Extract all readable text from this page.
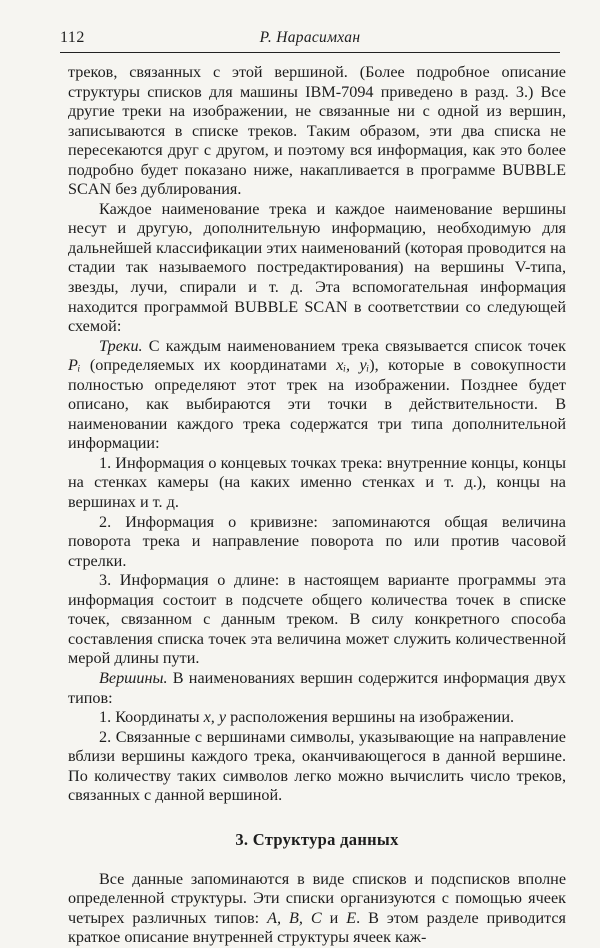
112	Р. Нарасимхан

треков, связанных с этой вершиной. (Более подробное описание структуры списков для машины IBM-7094 приведено в разд. 3.) Все другие треки на изображении, не связанные ни с одной из вершин, записываются в списке треков. Таким образом, эти два списка не пересекаются друг с другом, и поэтому вся информация, как это более подробно будет показано ниже, накапливается в программе BUBBLE SCAN без дублирования.

Каждое наименование трека и каждое наименование вершины несут и другую, дополнительную информацию, необходимую для дальнейшей классификации этих наименований (которая проводится на стадии так называемого постредактирования) на вершины V-типа, звезды, лучи, спирали и т. д. Эта вспомогательная информация находится программой BUBBLE SCAN в соответствии со следующей схемой:

Треки. С каждым наименованием трека связывается список точек Pᵢ (определяемых их координатами xᵢ, yᵢ), которые в совокупности полностью определяют этот трек на изображении. Позднее будет описано, как выбираются эти точки в действительности. В наименовании каждого трека содержатся три типа дополнительной информации:

1. Информация о концевых точках трека: внутренние концы, концы на стенках камеры (на каких именно стенках и т. д.), концы на вершинах и т. д.

2. Информация о кривизне: запоминаются общая величина поворота трека и направление поворота по или против часовой стрелки.

3. Информация о длине: в настоящем варианте программы эта информация состоит в подсчете общего количества точек в списке точек, связанном с данным треком. В силу конкретного способа составления списка точек эта величина может служить количественной мерой длины пути.

Вершины. В наименованиях вершин содержится информация двух типов:

1. Координаты x, y расположения вершины на изображении.

2. Связанные с вершинами символы, указывающие на направление вблизи вершины каждого трека, оканчивающегося в данной вершине. По количеству таких символов легко можно вычислить число треков, связанных с данной вершиной.

3. Структура данных

Все данные запоминаются в виде списков и подсписков вполне определенной структуры. Эти списки организуются с помощью ячеек четырех различных типов: A, B, C и E. В этом разделе приводится краткое описание внутренней структуры ячеек каж-
